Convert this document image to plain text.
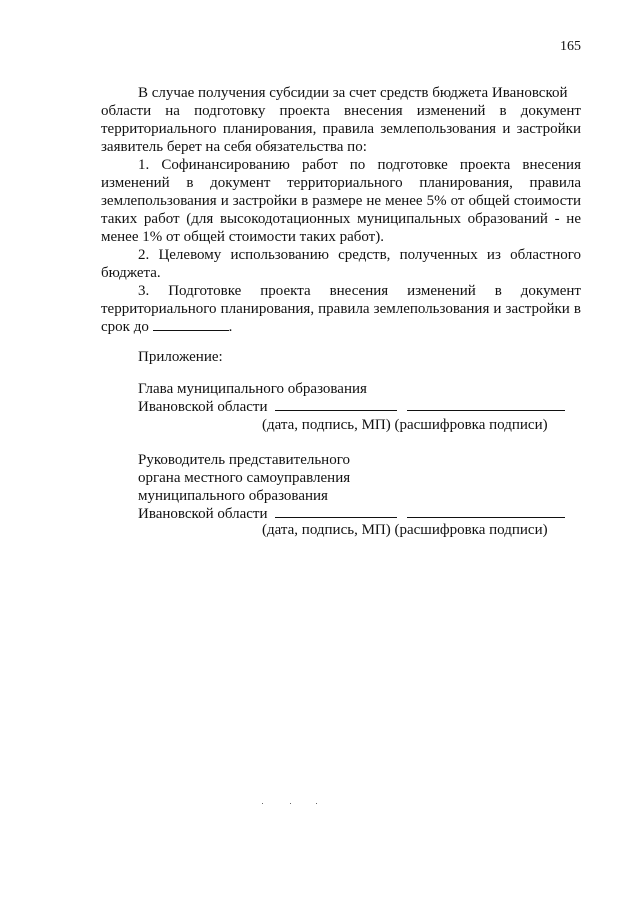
165
В случае получения субсидии за счет средств бюджета Ивановской
области на подготовку проекта внесения изменений в документ
территориального планирования, правила землепользования и застройки
заявитель берет на себя обязательства по:
1. Софинансированию работ по подготовке проекта внесения
изменений в документ территориального планирования, правила
землепользования и застройки в размере не менее 5% от общей стоимости
таких работ (для высокодотационных муниципальных образований - не
менее 1% от общей стоимости таких работ).
2. Целевому использованию средств, полученных из областного
бюджета.
3. Подготовке проекта внесения изменений в документ
территориального планирования, правила землепользования и застройки в
срок до	.
Приложение:
Глава муниципального образования
Ивановской области
(дата, подпись, МП) (расшифровка подписи)
Руководитель представительного
органа местного самоуправления
муниципального образования
Ивановской области
(дата, подпись, МП) (расшифровка подписи)
